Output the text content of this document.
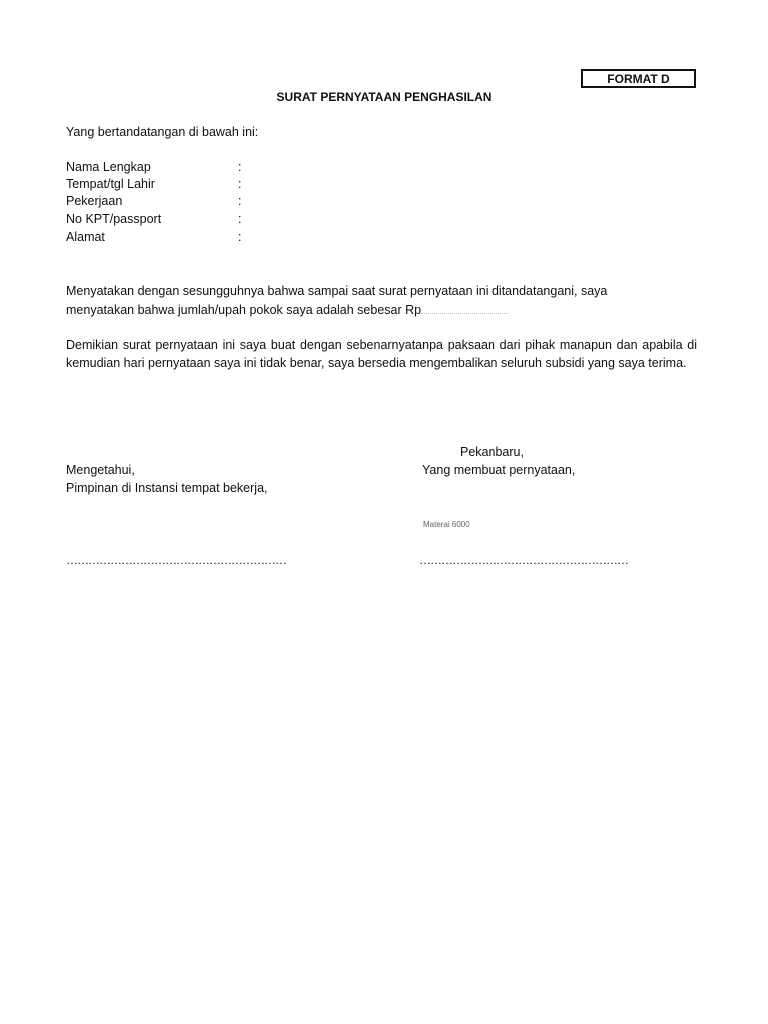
FORMAT D
SURAT PERNYATAAN PENGHASILAN
Yang bertandatangan di bawah ini:
Nama Lengkap	:
Tempat/tgl Lahir	:
Pekerjaan	:
No KPT/passport	:
Alamat	:
Menyatakan dengan sesungguhnya bahwa sampai saat surat pernyataan ini ditandatangani, saya
menyatakan bahwa jumlah/upah pokok saya adalah sebesar Rp
Demikian surat pernyataan ini saya buat dengan sebenarnyatanpa paksaan dari pihak manapun dan apabila di kemudian hari pernyataan saya ini tidak benar, saya bersedia mengembalikan seluruh subsidi yang saya terima.
Pekanbaru,
Mengetahui,
Pimpinan di Instansi tempat bekerja,
Yang membuat pernyataan,
Materai 6000
……………………………………………………	…………………………………………………
